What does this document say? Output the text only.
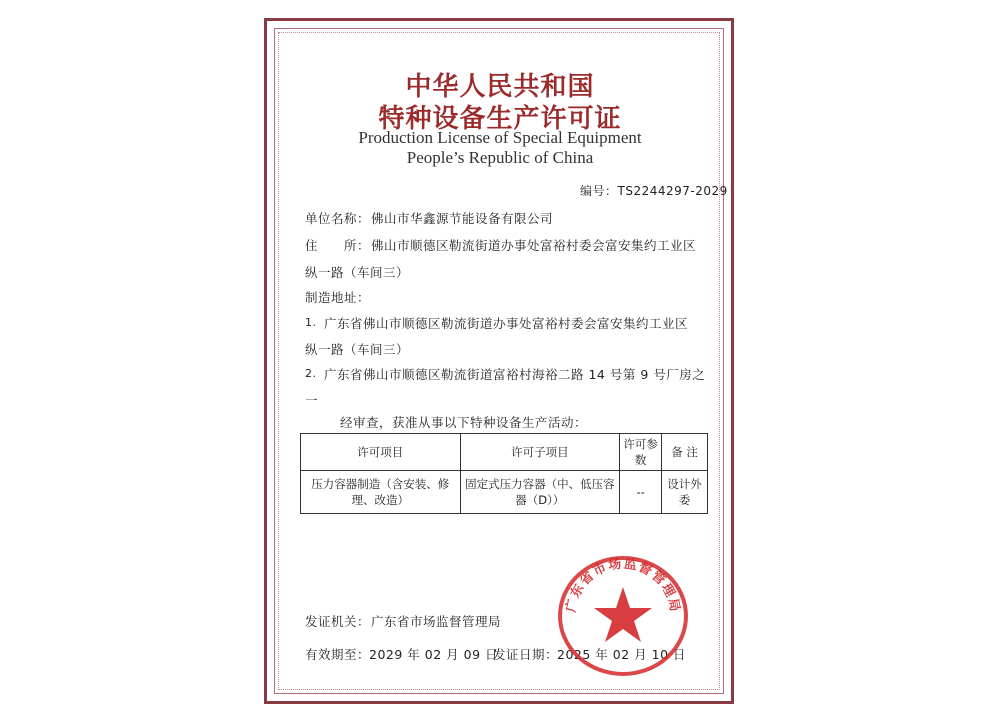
中华人民共和国
特种设备生产许可证
Production License of Special Equipment
People’s Republic of China
编号：TS2244297-2029
单位名称： 佛山市华鑫源节能设备有限公司
住　　所： 佛山市顺德区勒流街道办事处富裕村委会富安集约工业区
纵一路（车间三）
制造地址：
1. 广东省佛山市顺德区勒流街道办事处富裕村委会富安集约工业区
纵一路（车间三）
2. 广东省佛山市顺德区勒流街道富裕村海裕二路 14 号第 9 号厂房之
一
经审查，获准从事以下特种设备生产活动：
许可项目	许可子项目	许可参数	备 注
压力容器制造（含安装、修理、改造）	固定式压力容器（中、低压容器（D））	--	设计外委
发证机关： 广东省市场监督管理局
有效期至：
2029 年 02 月 09 日
发证日期：
2025 年 02 月 10 日
广东省市场监督管理局
